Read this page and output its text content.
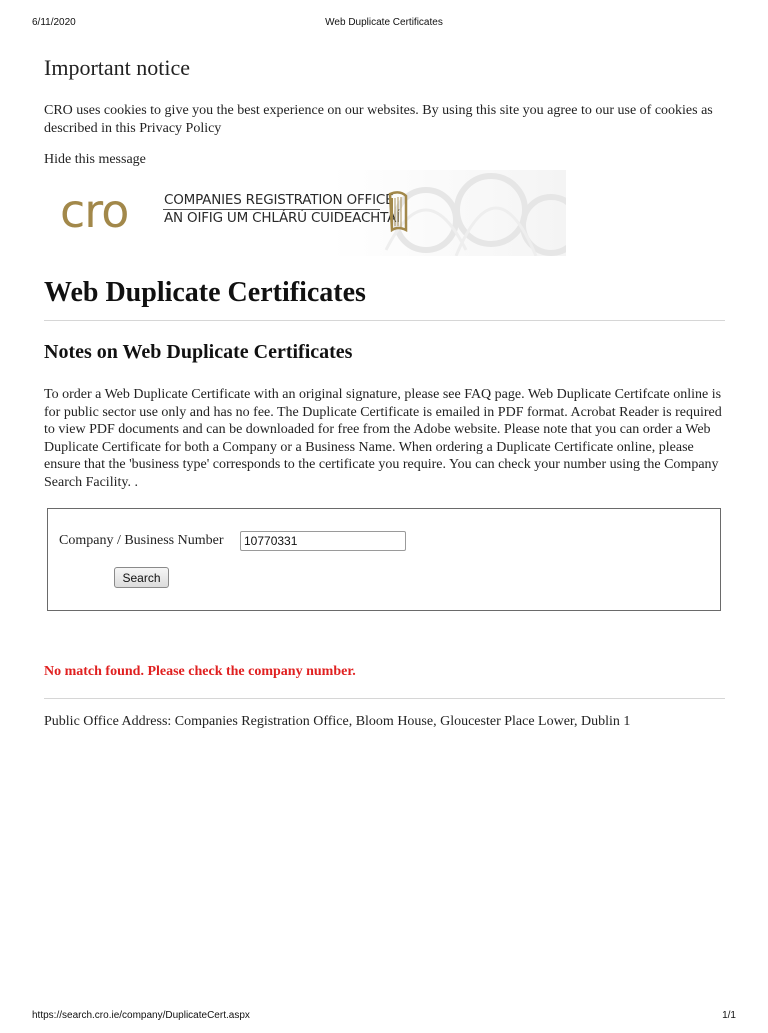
6/11/2020	Web Duplicate Certificates
Important notice

CRO uses cookies to give you the best experience on our websites. By using this site you agree to our use of cookies as described in this Privacy Policy

Hide this message
cro	COMPANIES REGISTRATION OFFICE
AN OIFIG UM CHLÁRÚ CUIDEACHTAÍ
Web Duplicate Certificates
Notes on Web Duplicate Certificates

To order a Web Duplicate Certificate with an original signature, please see FAQ page. Web Duplicate Certifcate online is for public sector use only and has no fee. The Duplicate Certificate is emailed in PDF format. Acrobat Reader is required to view PDF documents and can be downloaded for free from the Adobe website. Please note that you can order a Web Duplicate Certificate for both a Company or a Business Name. When ordering a Duplicate Certificate online, please ensure that the 'business type' corresponds to the certificate you require. You can check your number using the Company Search Facility. .

Company / Business Number
10770331
Search

No match found. Please check the company number.

Public Office Address: Companies Registration Office, Bloom House, Gloucester Place Lower, Dublin 1

https://search.cro.ie/company/DuplicateCert.aspx	1/1
